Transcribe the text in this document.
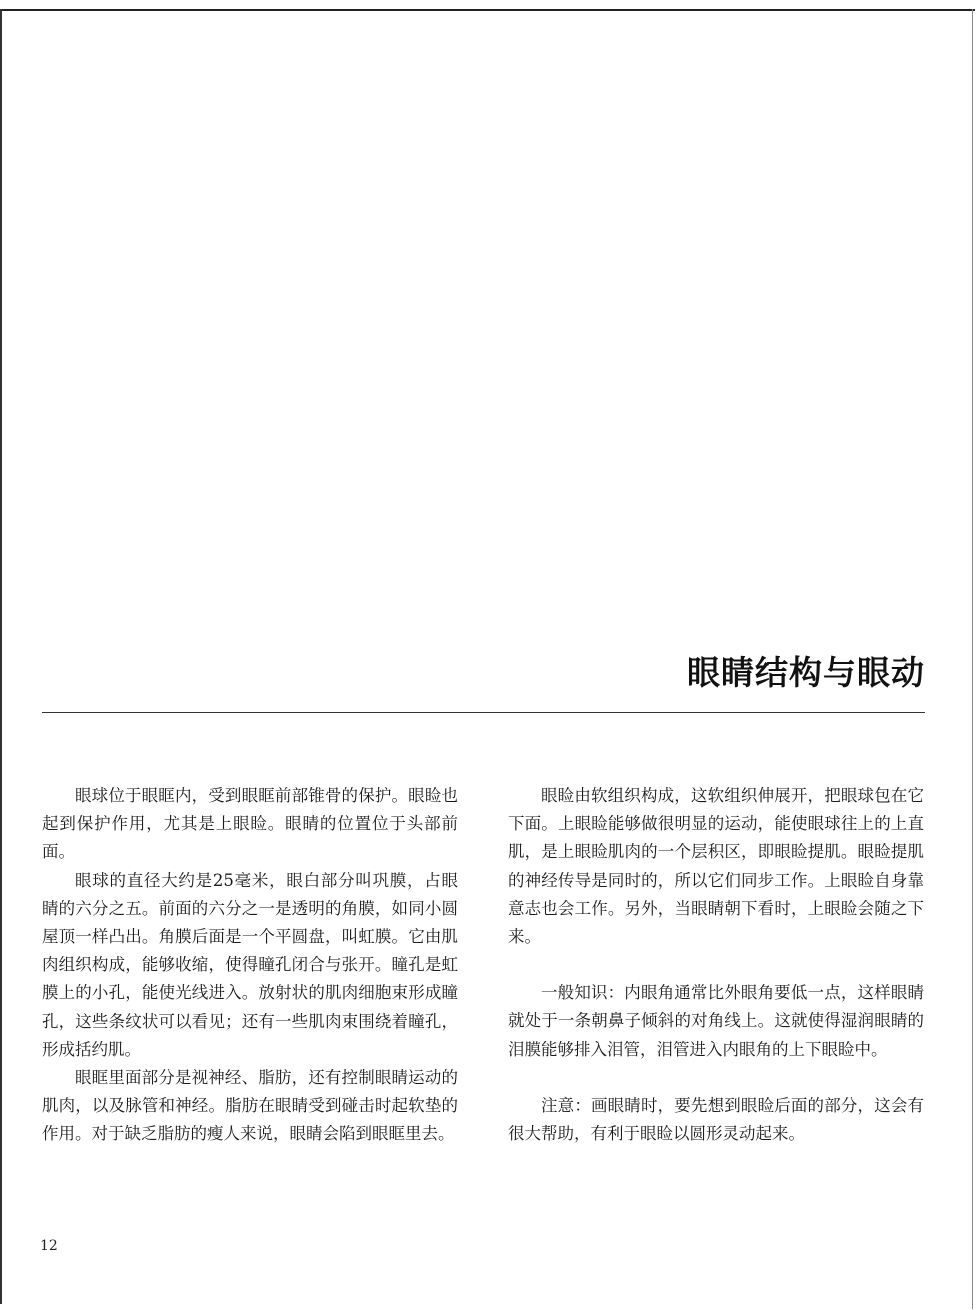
眼睛结构与眼动

眼球位于眼眶内，受到眼眶前部锥骨的保护。眼睑也起到保护作用，尤其是上眼睑。眼睛的位置位于头部前面。

眼球的直径大约是25毫米，眼白部分叫巩膜，占眼睛的六分之五。前面的六分之一是透明的角膜，如同小圆屋顶一样凸出。角膜后面是一个平圆盘，叫虹膜。它由肌肉组织构成，能够收缩，使得瞳孔闭合与张开。瞳孔是虹膜上的小孔，能使光线进入。放射状的肌肉细胞束形成瞳孔，这些条纹状可以看见；还有一些肌肉束围绕着瞳孔，形成括约肌。

眼眶里面部分是视神经、脂肪，还有控制眼睛运动的肌肉，以及脉管和神经。脂肪在眼睛受到碰击时起软垫的作用。对于缺乏脂肪的瘦人来说，眼睛会陷到眼眶里去。

眼睑由软组织构成，这软组织伸展开，把眼球包在它下面。上眼睑能够做很明显的运动，能使眼球往上的上直肌，是上眼睑肌肉的一个层积区，即眼睑提肌。眼睑提肌的神经传导是同时的，所以它们同步工作。上眼睑自身靠意志也会工作。另外，当眼睛朝下看时，上眼睑会随之下来。

一般知识：内眼角通常比外眼角要低一点，这样眼睛就处于一条朝鼻子倾斜的对角线上。这就使得湿润眼睛的泪膜能够排入泪管，泪管进入内眼角的上下眼睑中。

注意：画眼睛时，要先想到眼睑后面的部分，这会有很大帮助，有利于眼睑以圆形灵动起来。

12
